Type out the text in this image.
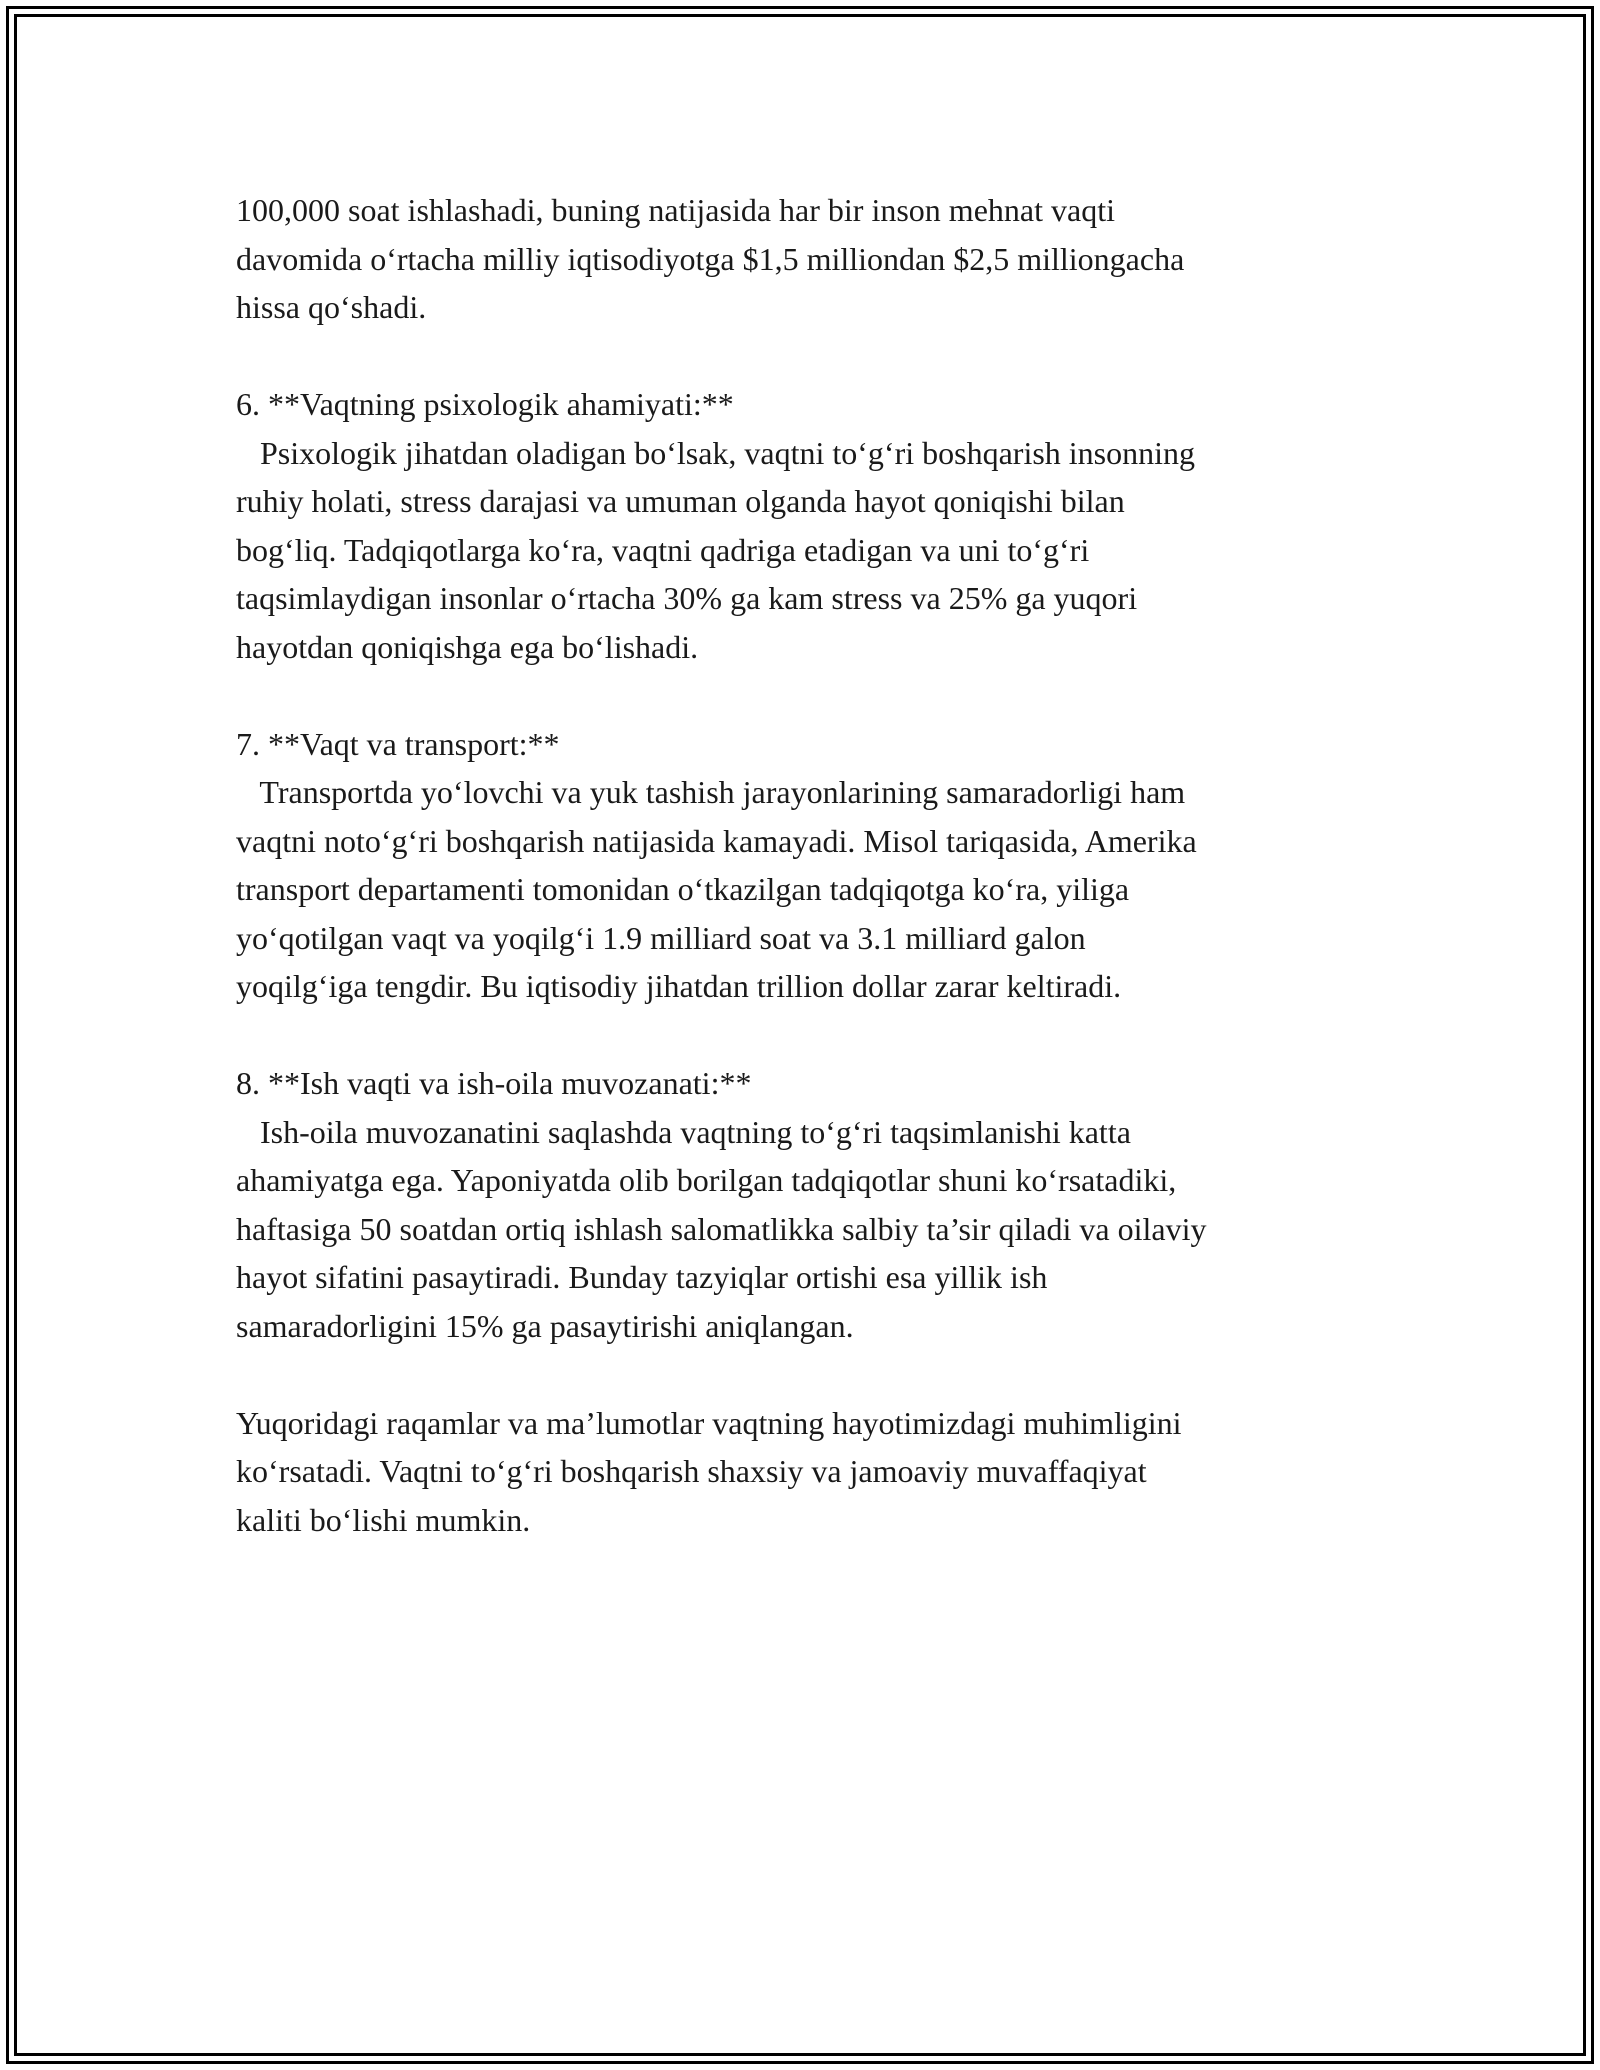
100,000 soat ishlashadi, buning natijasida har bir inson mehnat vaqti
davomida o‘rtacha milliy iqtisodiyotga $1,5 milliondan $2,5 milliongacha
hissa qo‘shadi.
6. **Vaqtning psixologik ahamiyati:**
Psixologik jihatdan oladigan bo‘lsak, vaqtni to‘g‘ri boshqarish insonning
ruhiy holati, stress darajasi va umuman olganda hayot qoniqishi bilan
bog‘liq. Tadqiqotlarga ko‘ra, vaqtni qadriga etadigan va uni to‘g‘ri
taqsimlaydigan insonlar o‘rtacha 30% ga kam stress va 25% ga yuqori
hayotdan qoniqishga ega bo‘lishadi.
7. **Vaqt va transport:**
Transportda yo‘lovchi va yuk tashish jarayonlarining samaradorligi ham
vaqtni noto‘g‘ri boshqarish natijasida kamayadi. Misol tariqasida, Amerika
transport departamenti tomonidan o‘tkazilgan tadqiqotga ko‘ra, yiliga
yo‘qotilgan vaqt va yoqilg‘i 1.9 milliard soat va 3.1 milliard galon
yoqilg‘iga tengdir. Bu iqtisodiy jihatdan trillion dollar zarar keltiradi.
8. **Ish vaqti va ish-oila muvozanati:**
Ish-oila muvozanatini saqlashda vaqtning to‘g‘ri taqsimlanishi katta
ahamiyatga ega. Yaponiyatda olib borilgan tadqiqotlar shuni ko‘rsatadiki,
haftasiga 50 soatdan ortiq ishlash salomatlikka salbiy ta’sir qiladi va oilaviy
hayot sifatini pasaytiradi. Bunday tazyiqlar ortishi esa yillik ish
samaradorligini 15% ga pasaytirishi aniqlangan.
Yuqoridagi raqamlar va ma’lumotlar vaqtning hayotimizdagi muhimligini
ko‘rsatadi. Vaqtni to‘g‘ri boshqarish shaxsiy va jamoaviy muvaffaqiyat
kaliti bo‘lishi mumkin.
